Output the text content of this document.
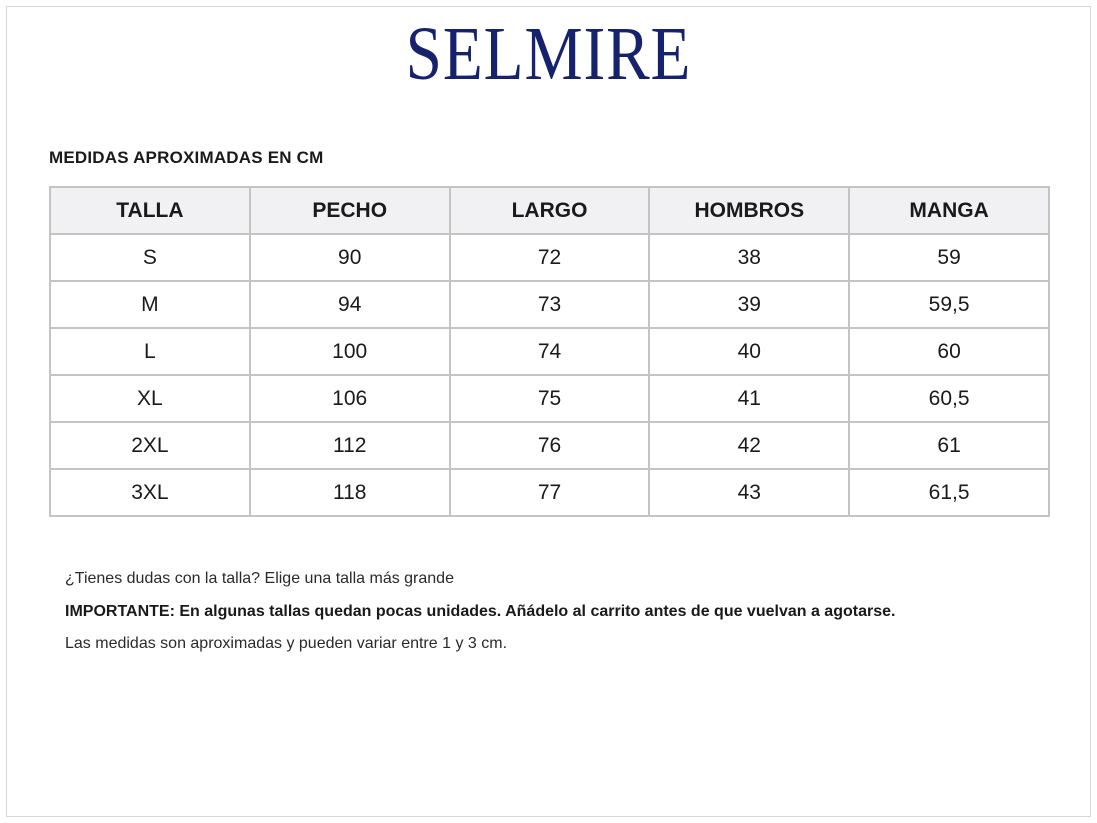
SELMIRE
MEDIDAS APROXIMADAS EN CM
TALLA	PECHO	LARGO	HOMBROS	MANGA
S	90	72	38	59
M	94	73	39	59,5
L	100	74	40	60
XL	106	75	41	60,5
2XL	112	76	42	61
3XL	118	77	43	61,5

¿Tienes dudas con la talla? Elige una talla más grande

IMPORTANTE: En algunas tallas quedan pocas unidades. Añádelo al carrito antes de que vuelvan a agotarse.

Las medidas son aproximadas y pueden variar entre 1 y 3 cm.
